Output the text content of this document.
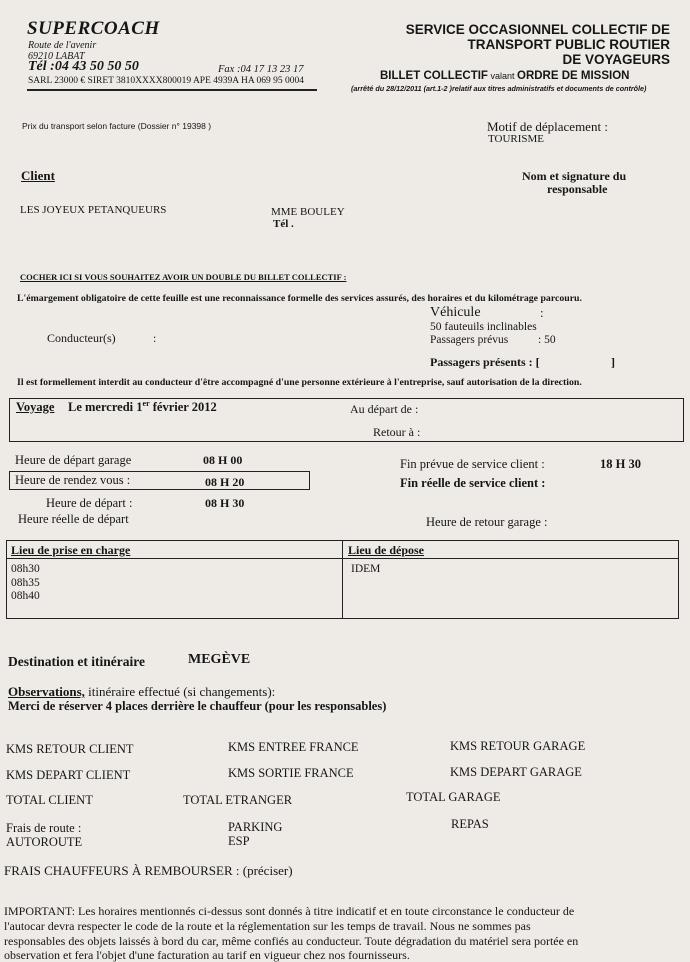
SUPERCOACH
Route de l'avenir
69210 LABAT
Tél :04 43 50 50 50	Fax :04 17 13 23 17
SARL 23000 € SIRET 3810XXXX800019 APE 4939A HA 069 95 0004
SERVICE OCCASIONNEL COLLECTIF DE
TRANSPORT PUBLIC ROUTIER
DE VOYAGEURS
BILLET COLLECTIF valant ORDRE DE MISSION
(arrêté du 28/12/2011 (art.1-2 )relatif aux titres administratifs et documents de contrôle)
Prix du transport selon facture (Dossier n° 19398 )	Motif de déplacement :
TOURISME
Client	Nom et signature du
responsable
LES JOYEUX PETANQUEURS	MME BOULEY
Tél .
COCHER ICI SI VOUS SOUHAITEZ AVOIR UN DOUBLE DU BILLET COLLECTIF :
L'émargement obligatoire de cette feuille est une reconnaissance formelle des services assurés, des horaires et du kilométrage parcouru.
Véhicule	:
50 fauteuils inclinables
Passagers prévus	: 50
Passagers présents : [	]
Conducteur(s)	:
Il est formellement interdit au conducteur d'être accompagné d'une personne extérieure à l'entreprise, sauf autorisation de la direction.
Voyage Le mercredi 1er février 2012	Au départ de :
Retour à :
Heure de départ garage	08 H 00
Heure de rendez vous :	08 H 20
Heure de départ :	08 H 30
Heure réelle de départ
Fin prévue de service client :	18 H 30
Fin réelle de service client :
Heure de retour garage :
Lieu de prise en charge	Lieu de dépose
08h30
08h35
08h40
IDEM
Destination et itinéraire	MEGÈVE
Observations, itinéraire effectué (si changements):
Merci de réserver 4 places derrière le chauffeur (pour les responsables)
KMS RETOUR CLIENT	KMS ENTREE FRANCE	KMS RETOUR GARAGE
KMS DEPART CLIENT	KMS SORTIE FRANCE	KMS DEPART GARAGE
TOTAL CLIENT	TOTAL ETRANGER	TOTAL GARAGE
Frais de route :
AUTOROUTE
PARKING
ESP
REPAS
FRAIS CHAUFFEURS À REMBOURSER : (préciser)
IMPORTANT: Les horaires mentionnés ci-dessus sont donnés à titre indicatif et en toute circonstance le conducteur de
l'autocar devra respecter le code de la route et la réglementation sur les temps de travail. Nous ne sommes pas
responsables des objets laissés à bord du car, même confiés au conducteur. Toute dégradation du matériel sera portée en
observation et fera l'objet d'une facturation au tarif en vigueur chez nos fournisseurs.
